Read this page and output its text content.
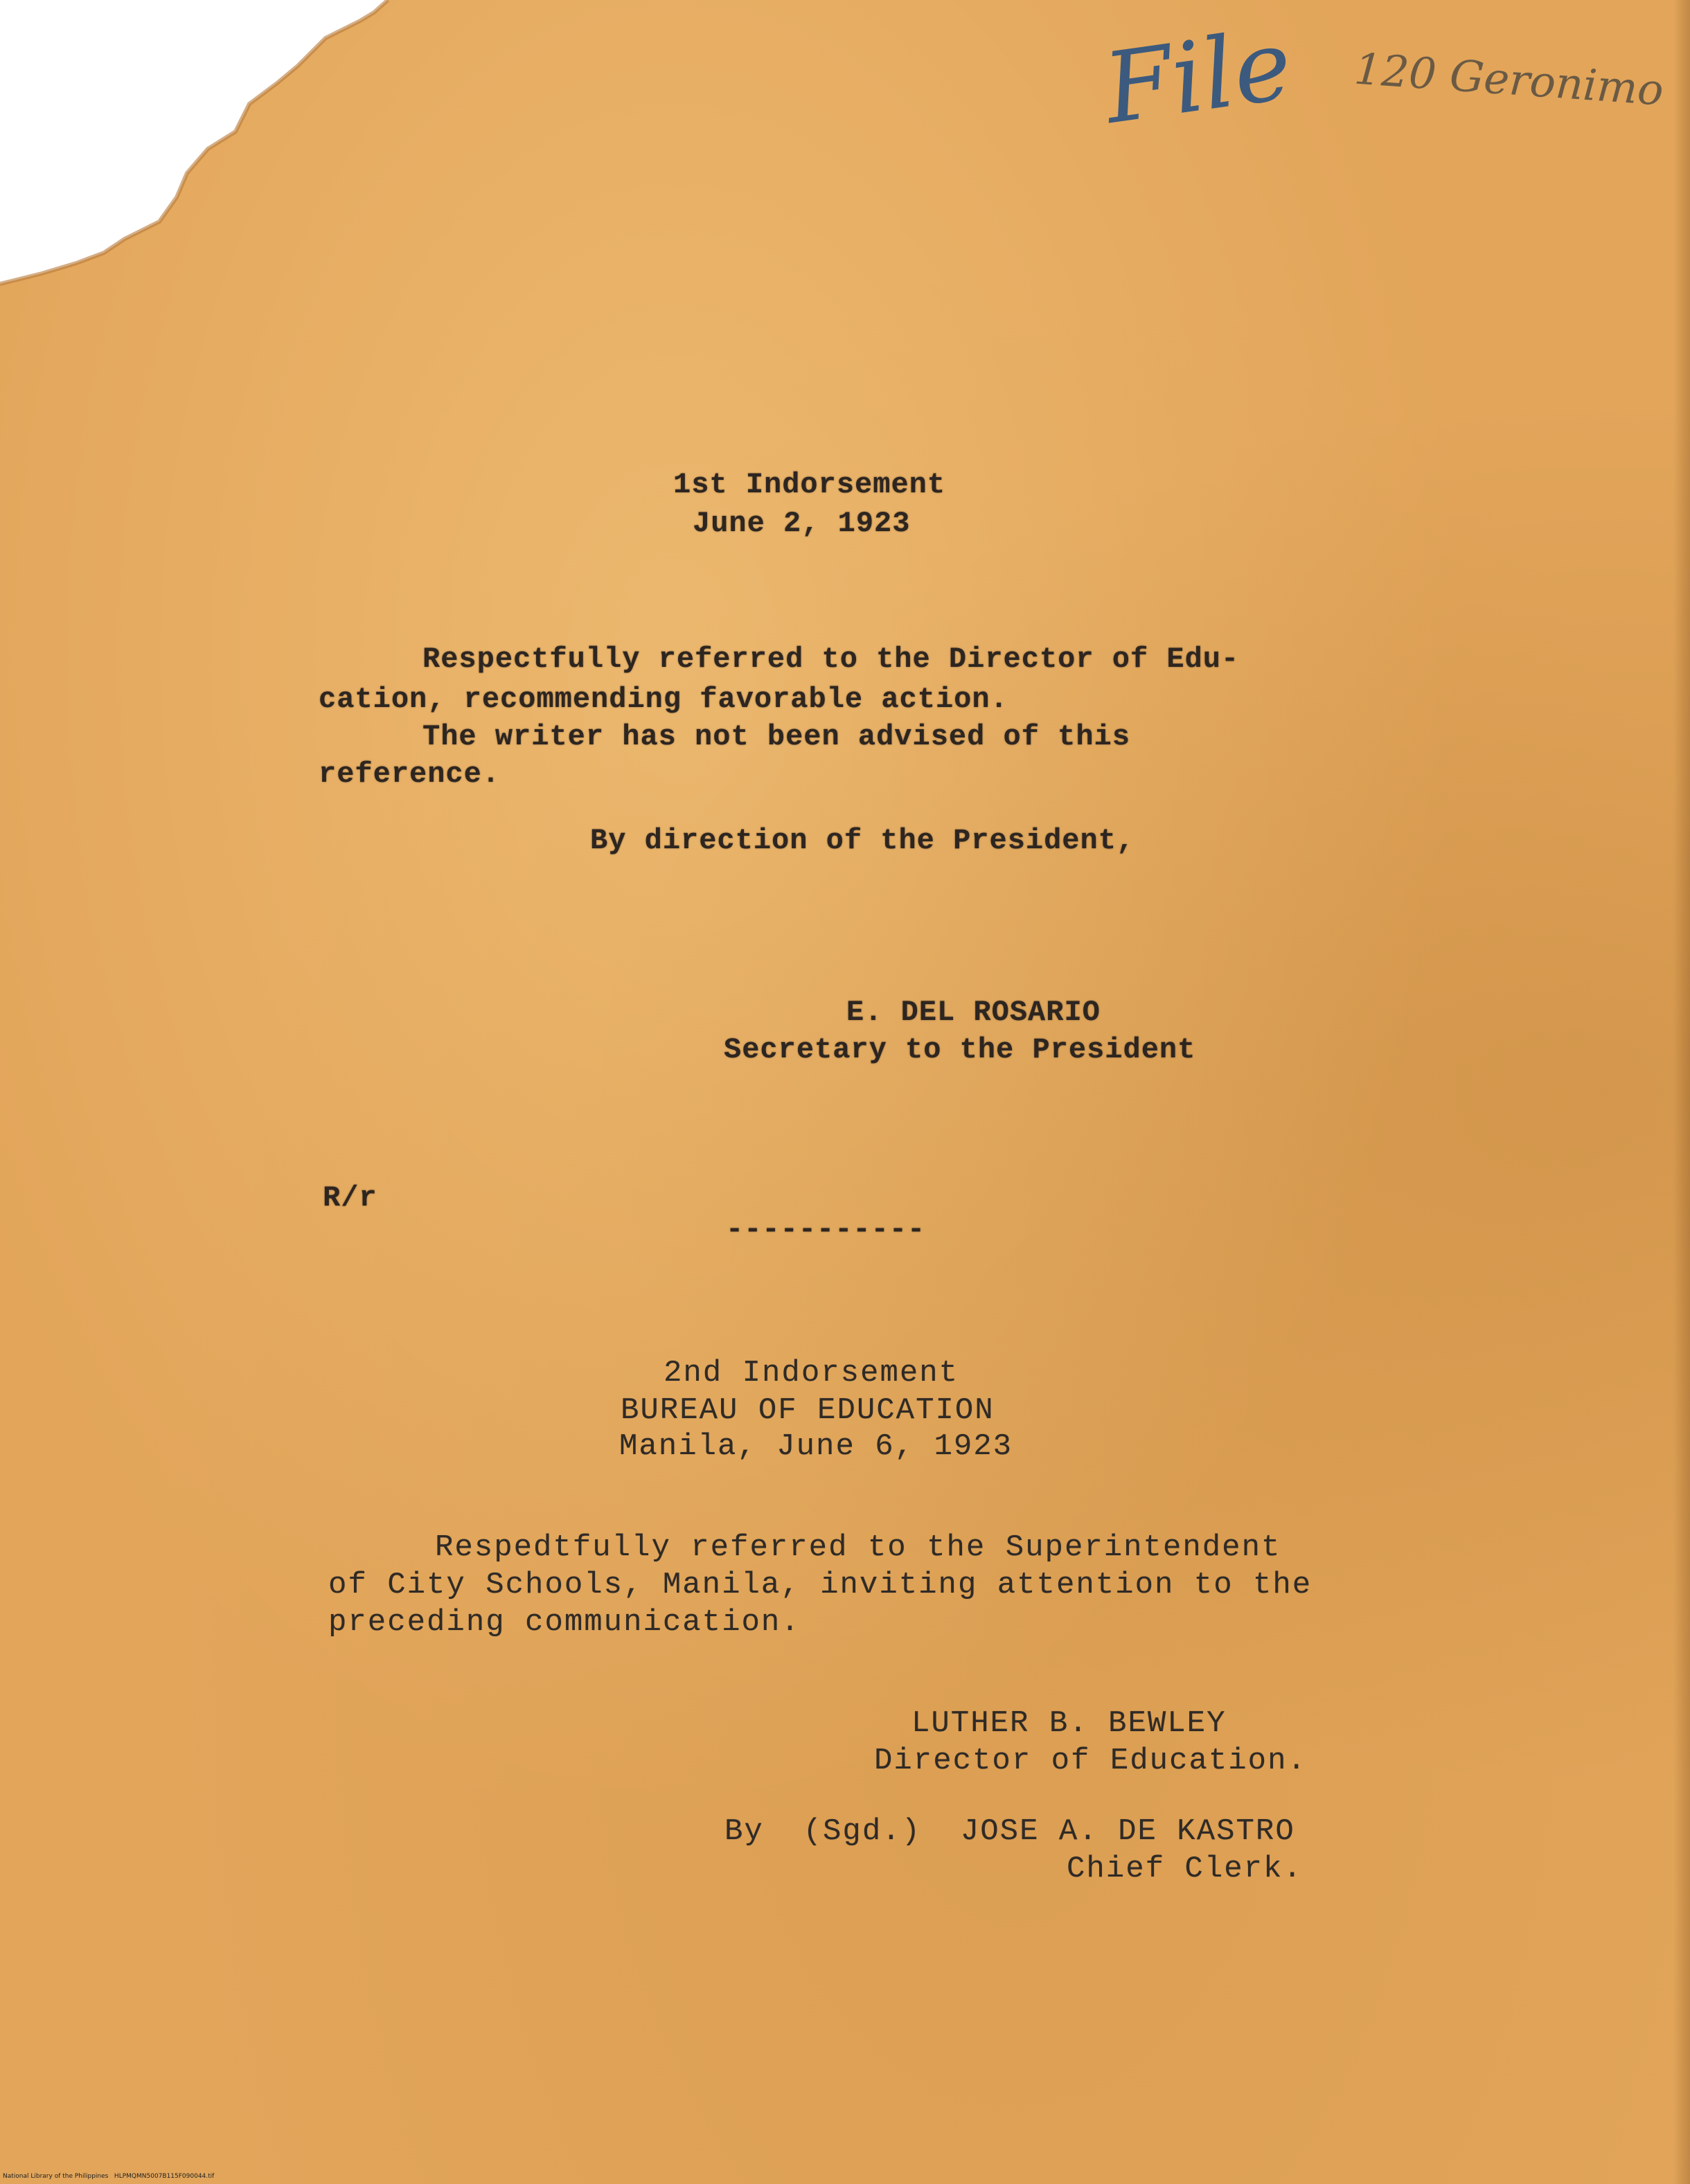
File 120 Geronimo

1st Indorsement

June 2, 1923

Respectfully referred to the Director of Edu-

cation, recommending favorable action.

The writer has not been advised of this

reference.

By direction of the President,

E. DEL ROSARIO

Secretary to the President

R/r

-----------

2nd Indorsement

BUREAU OF EDUCATION

Manila, June 6, 1923

Respedtfully referred to the Superintendent

of City Schools, Manila, inviting attention to the

preceding communication.

LUTHER B. BEWLEY

Director of Education.

By  (Sgd.)  JOSE A. DE KASTRO

Chief Clerk.

National Library of the Philippines   HLPMQMN5007B115F090044.tif
